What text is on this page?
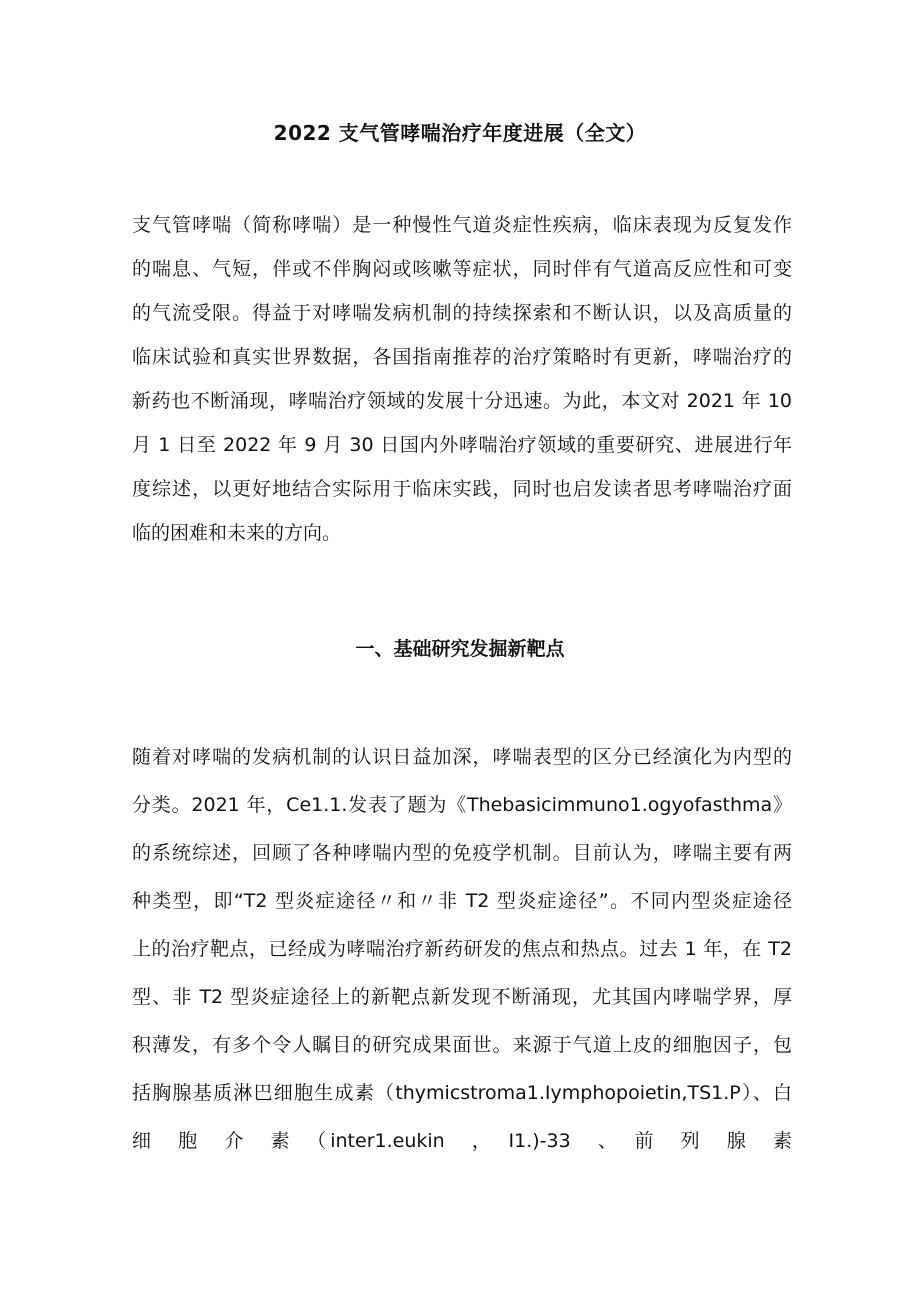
2022 支气管哮喘治疗年度进展（全文）
支气管哮喘（简称哮喘）是一种慢性气道炎症性疾病，临床表现为反复发作
的喘息、气短，伴或不伴胸闷或咳嗽等症状，同时伴有气道高反应性和可变
的气流受限。得益于对哮喘发病机制的持续探索和不断认识，以及高质量的
临床试验和真实世界数据，各国指南推荐的治疗策略时有更新，哮喘治疗的
新药也不断涌现，哮喘治疗领域的发展十分迅速。为此，本文对 2021 年 10
月 1 日至 2022 年 9 月 30 日国内外哮喘治疗领域的重要研究、进展进行年
度综述，以更好地结合实际用于临床实践，同时也启发读者思考哮喘治疗面
临的困难和未来的方向。
一、基础研究发掘新靶点
随着对哮喘的发病机制的认识日益加深，哮喘表型的区分已经演化为内型的
分类。2021 年，Ce1.1.发表了题为《Thebasicimmuno1.ogyofasthma》
的系统综述，回顾了各种哮喘内型的免疫学机制。目前认为，哮喘主要有两
种类型，即“T2 型炎症途径〃和〃非 T2 型炎症途径”。不同内型炎症途径
上的治疗靶点，已经成为哮喘治疗新药研发的焦点和热点。过去 1 年，在 T2
型、非 T2 型炎症途径上的新靶点新发现不断涌现，尤其国内哮喘学界，厚
积薄发，有多个令人瞩目的研究成果面世。来源于气道上皮的细胞因子，包
括胸腺基质淋巴细胞生成素（thymicstroma1.Iymphopoietin,TS1.P）、白
细　胞　介　素　（inter1.eukin　，　I1.)-33　、　前　列　腺　素
